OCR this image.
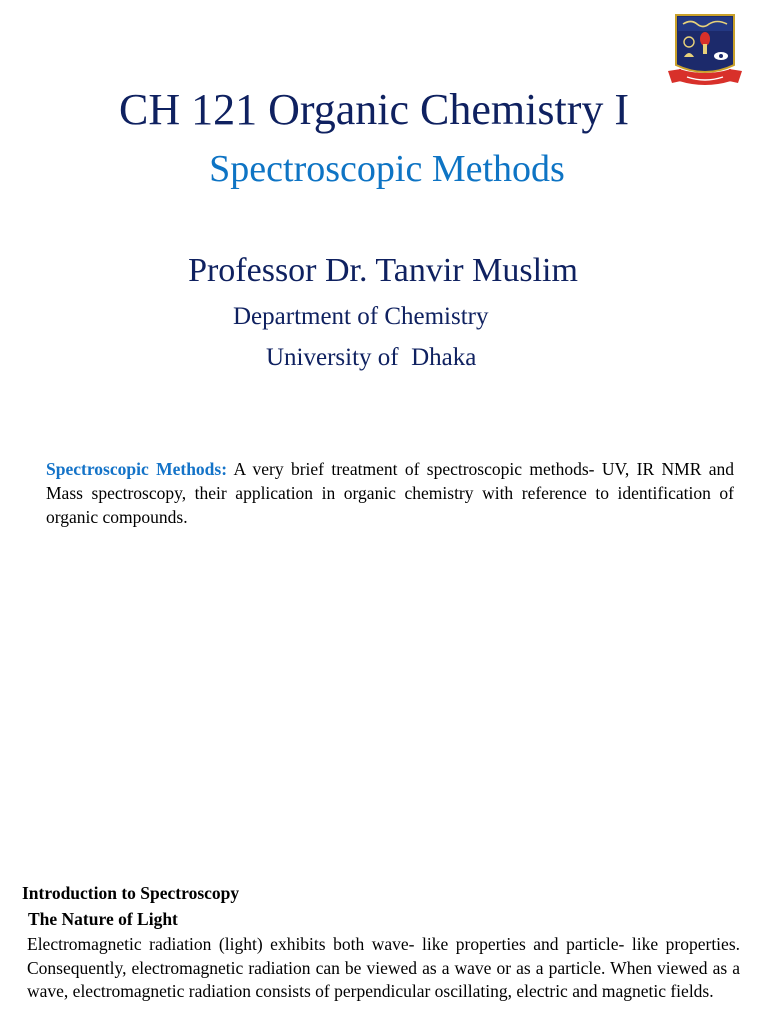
CH 121 Organic Chemistry I
Spectroscopic Methods
Professor Dr. Tanvir Muslim
Department of Chemistry
University of  Dhaka

Spectroscopic Methods: A very brief treatment of spectroscopic methods- UV, IR NMR and Mass spectroscopy, their application in organic chemistry with reference to identification of organic compounds.

Introduction to Spectroscopy
The Nature of Light

Electromagnetic radiation (light) exhibits both wave- like properties and particle- like properties. Consequently, electromagnetic radiation can be viewed as a wave or as a particle. When viewed as a wave, electromagnetic radiation consists of perpendicular oscillating, electric and magnetic fields.
